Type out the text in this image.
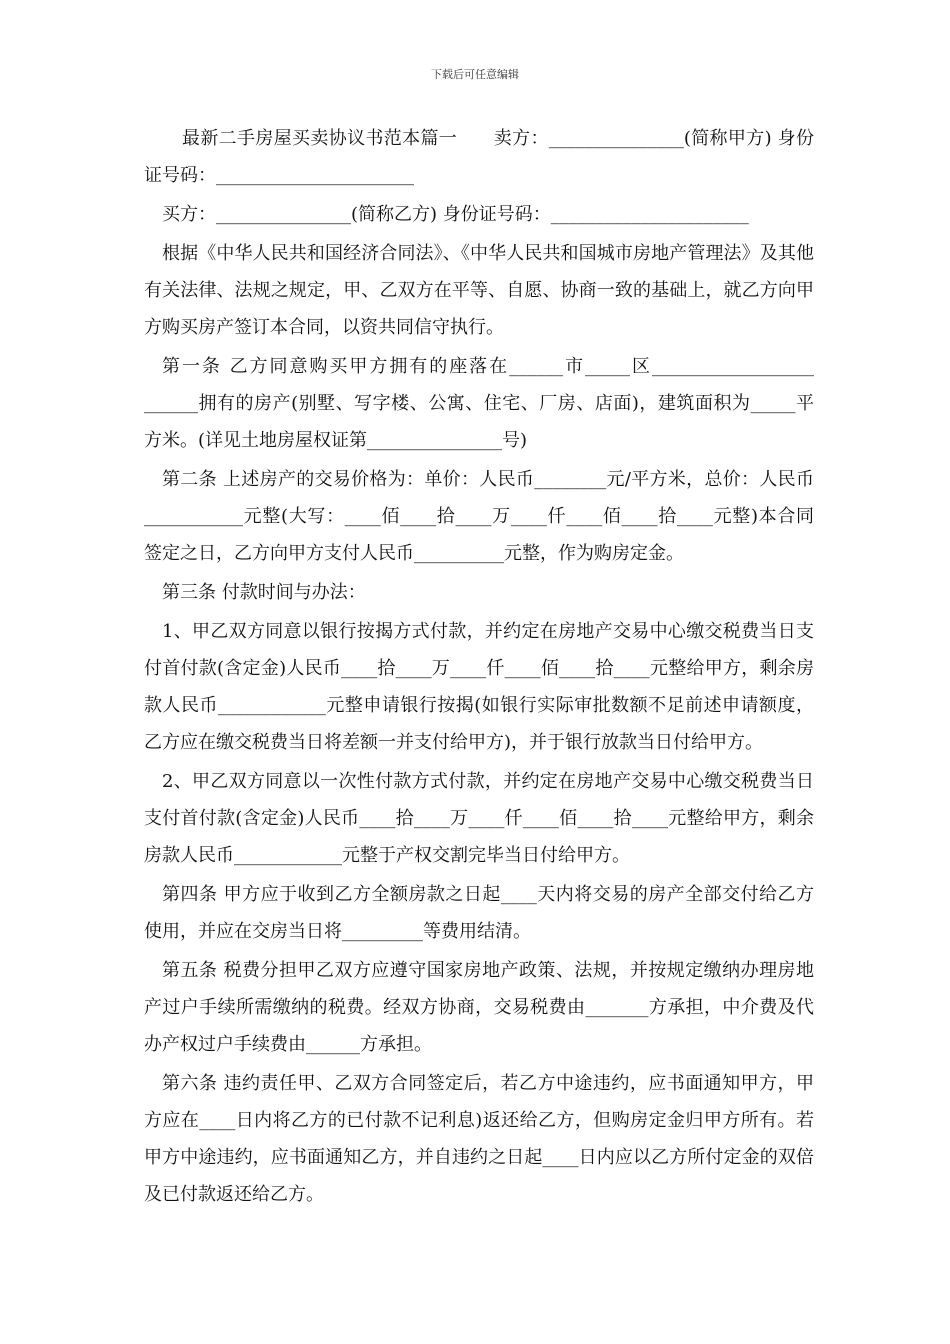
下载后可任意编辑

最新二手房屋买卖协议书范本篇一　　卖方：_______________(简称甲方) 身份证号码：______________________

买方：_______________(简称乙方) 身份证号码：______________________

根据《中华人民共和国经济合同法》、《中华人民共和国城市房地产管理法》及其他有关法律、法规之规定，甲、乙双方在平等、自愿、协商一致的基础上，就乙方向甲方购买房产签订本合同，以资共同信守执行。

第一条 乙方同意购买甲方拥有的座落在______市_____区__________________ ______拥有的房产(别墅、写字楼、公寓、住宅、厂房、店面)，建筑面积为_____平方米。(详见土地房屋权证第_______________号)

第二条 上述房产的交易价格为：单价：人民币________元/平方米，总价：人民币___________元整(大写：____佰____拾____万____仟____佰____拾____元整)本合同签定之日，乙方向甲方支付人民币__________元整，作为购房定金。

第三条 付款时间与办法：

1、甲乙双方同意以银行按揭方式付款，并约定在房地产交易中心缴交税费当日支付首付款(含定金)人民币____拾____万____仟____佰____拾____元整给甲方，剩余房款人民币____________元整申请银行按揭(如银行实际审批数额不足前述申请额度，乙方应在缴交税费当日将差额一并支付给甲方)，并于银行放款当日付给甲方。

2、甲乙双方同意以一次性付款方式付款，并约定在房地产交易中心缴交税费当日支付首付款(含定金)人民币____拾____万____仟____佰____拾____元整给甲方，剩余房款人民币____________元整于产权交割完毕当日付给甲方。

第四条 甲方应于收到乙方全额房款之日起____天内将交易的房产全部交付给乙方使用，并应在交房当日将_________等费用结清。

第五条 税费分担甲乙双方应遵守国家房地产政策、法规，并按规定缴纳办理房地产过户手续所需缴纳的税费。经双方协商，交易税费由_______方承担，中介费及代办产权过户手续费由______方承担。

第六条 违约责任甲、乙双方合同签定后，若乙方中途违约，应书面通知甲方，甲方应在____日内将乙方的已付款不记利息)返还给乙方，但购房定金归甲方所有。若甲方中途违约，应书面通知乙方，并自违约之日起____日内应以乙方所付定金的双倍及已付款返还给乙方。
